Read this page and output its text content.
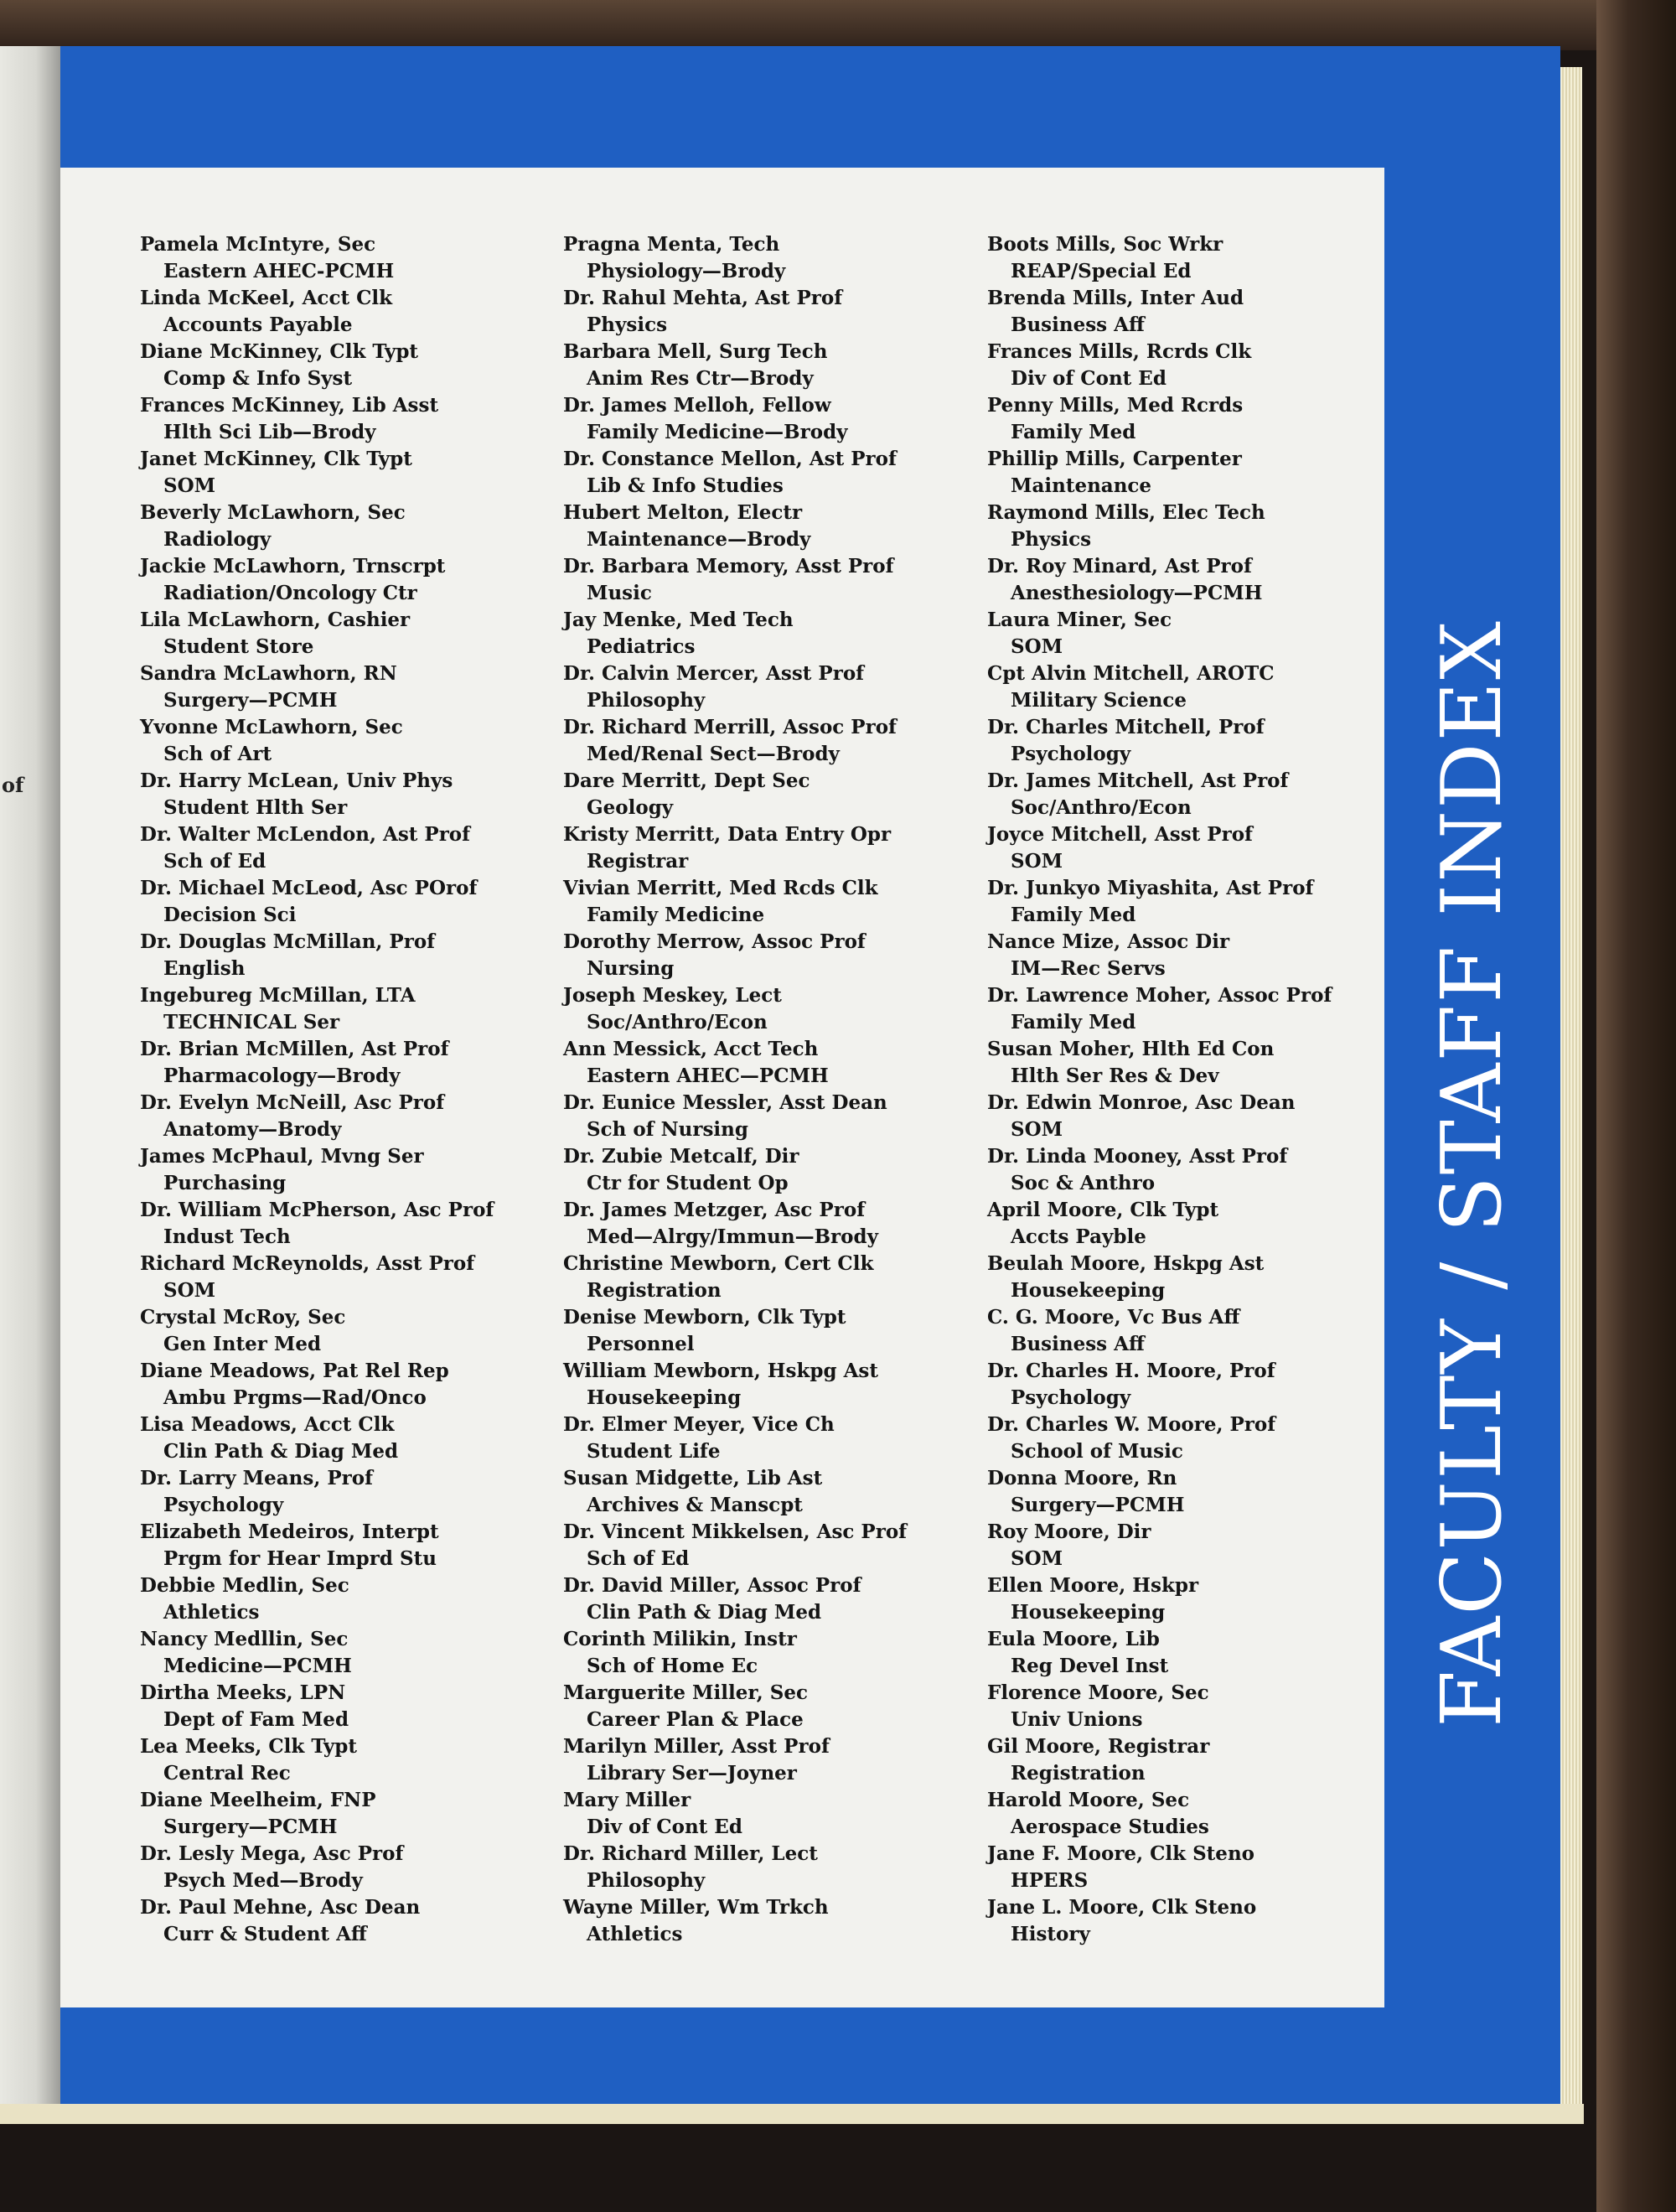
of
Pamela McIntyre, Sec
Eastern AHEC-PCMH
Linda McKeel, Acct Clk
Accounts Payable
Diane McKinney, Clk Typt
Comp & Info Syst
Frances McKinney, Lib Asst
Hlth Sci Lib—Brody
Janet McKinney, Clk Typt
SOM
Beverly McLawhorn, Sec
Radiology
Jackie McLawhorn, Trnscrpt
Radiation/Oncology Ctr
Lila McLawhorn, Cashier
Student Store
Sandra McLawhorn, RN
Surgery—PCMH
Yvonne McLawhorn, Sec
Sch of Art
Dr. Harry McLean, Univ Phys
Student Hlth Ser
Dr. Walter McLendon, Ast Prof
Sch of Ed
Dr. Michael McLeod, Asc POrof
Decision Sci
Dr. Douglas McMillan, Prof
English
Ingebureg McMillan, LTA
TECHNICAL Ser
Dr. Brian McMillen, Ast Prof
Pharmacology—Brody
Dr. Evelyn McNeill, Asc Prof
Anatomy—Brody
James McPhaul, Mvng Ser
Purchasing
Dr. William McPherson, Asc Prof
Indust Tech
Richard McReynolds, Asst Prof
SOM
Crystal McRoy, Sec
Gen Inter Med
Diane Meadows, Pat Rel Rep
Ambu Prgms—Rad/Onco
Lisa Meadows, Acct Clk
Clin Path & Diag Med
Dr. Larry Means, Prof
Psychology
Elizabeth Medeiros, Interpt
Prgm for Hear Imprd Stu
Debbie Medlin, Sec
Athletics
Nancy Medllin, Sec
Medicine—PCMH
Dirtha Meeks, LPN
Dept of Fam Med
Lea Meeks, Clk Typt
Central Rec
Diane Meelheim, FNP
Surgery—PCMH
Dr. Lesly Mega, Asc Prof
Psych Med—Brody
Dr. Paul Mehne, Asc Dean
Curr & Student Aff
Pragna Menta, Tech
Physiology—Brody
Dr. Rahul Mehta, Ast Prof
Physics
Barbara Mell, Surg Tech
Anim Res Ctr—Brody
Dr. James Melloh, Fellow
Family Medicine—Brody
Dr. Constance Mellon, Ast Prof
Lib & Info Studies
Hubert Melton, Electr
Maintenance—Brody
Dr. Barbara Memory, Asst Prof
Music
Jay Menke, Med Tech
Pediatrics
Dr. Calvin Mercer, Asst Prof
Philosophy
Dr. Richard Merrill, Assoc Prof
Med/Renal Sect—Brody
Dare Merritt, Dept Sec
Geology
Kristy Merritt, Data Entry Opr
Registrar
Vivian Merritt, Med Rcds Clk
Family Medicine
Dorothy Merrow, Assoc Prof
Nursing
Joseph Meskey, Lect
Soc/Anthro/Econ
Ann Messick, Acct Tech
Eastern AHEC—PCMH
Dr. Eunice Messler, Asst Dean
Sch of Nursing
Dr. Zubie Metcalf, Dir
Ctr for Student Op
Dr. James Metzger, Asc Prof
Med—Alrgy/Immun—Brody
Christine Mewborn, Cert Clk
Registration
Denise Mewborn, Clk Typt
Personnel
William Mewborn, Hskpg Ast
Housekeeping
Dr. Elmer Meyer, Vice Ch
Student Life
Susan Midgette, Lib Ast
Archives & Manscpt
Dr. Vincent Mikkelsen, Asc Prof
Sch of Ed
Dr. David Miller, Assoc Prof
Clin Path & Diag Med
Corinth Milikin, Instr
Sch of Home Ec
Marguerite Miller, Sec
Career Plan & Place
Marilyn Miller, Asst Prof
Library Ser—Joyner
Mary Miller
Div of Cont Ed
Dr. Richard Miller, Lect
Philosophy
Wayne Miller, Wm Trkch
Athletics
Boots Mills, Soc Wrkr
REAP/Special Ed
Brenda Mills, Inter Aud
Business Aff
Frances Mills, Rcrds Clk
Div of Cont Ed
Penny Mills, Med Rcrds
Family Med
Phillip Mills, Carpenter
Maintenance
Raymond Mills, Elec Tech
Physics
Dr. Roy Minard, Ast Prof
Anesthesiology—PCMH
Laura Miner, Sec
SOM
Cpt Alvin Mitchell, AROTC
Military Science
Dr. Charles Mitchell, Prof
Psychology
Dr. James Mitchell, Ast Prof
Soc/Anthro/Econ
Joyce Mitchell, Asst Prof
SOM
Dr. Junkyo Miyashita, Ast Prof
Family Med
Nance Mize, Assoc Dir
IM—Rec Servs
Dr. Lawrence Moher, Assoc Prof
Family Med
Susan Moher, Hlth Ed Con
Hlth Ser Res & Dev
Dr. Edwin Monroe, Asc Dean
SOM
Dr. Linda Mooney, Asst Prof
Soc & Anthro
April Moore, Clk Typt
Accts Payble
Beulah Moore, Hskpg Ast
Housekeeping
C. G. Moore, Vc Bus Aff
Business Aff
Dr. Charles H. Moore, Prof
Psychology
Dr. Charles W. Moore, Prof
School of Music
Donna Moore, Rn
Surgery—PCMH
Roy Moore, Dir
SOM
Ellen Moore, Hskpr
Housekeeping
Eula Moore, Lib
Reg Devel Inst
Florence Moore, Sec
Univ Unions
Gil Moore, Registrar
Registration
Harold Moore, Sec
Aerospace Studies
Jane F. Moore, Clk Steno
HPERS
Jane L. Moore, Clk Steno
History
FACULTY / STAFF INDEX
